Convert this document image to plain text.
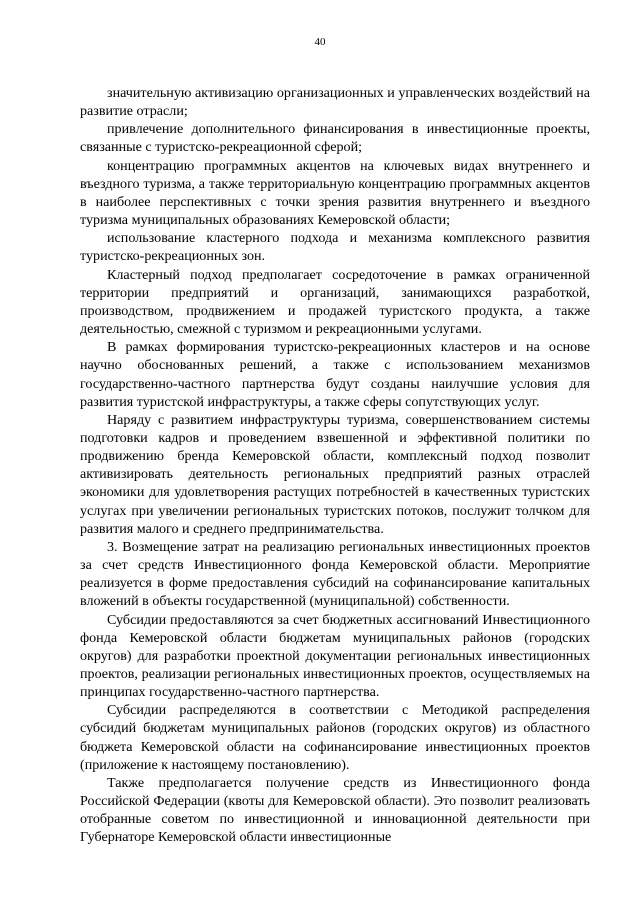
40

значительную активизацию организационных и управленческих воздействий на развитие отрасли;

привлечение дополнительного финансирования в инвестиционные проекты, связанные с туристско-рекреационной сферой;

концентрацию программных акцентов на ключевых видах внутреннего и въездного туризма, а также территориальную концентрацию программных акцентов в наиболее перспективных с точки зрения развития внутреннего и въездного туризма муниципальных образованиях Кемеровской области;

использование кластерного подхода и механизма комплексного развития туристско-рекреационных зон.

Кластерный подход предполагает сосредоточение в рамках ограниченной территории предприятий и организаций, занимающихся разработкой, производством, продвижением и продажей туристского продукта, а также деятельностью, смежной с туризмом и рекреационными услугами.

В рамках формирования туристско-рекреационных кластеров и на основе научно обоснованных решений, а также с использованием механизмов государственно-частного партнерства будут созданы наилучшие условия для развития туристской инфраструктуры, а также сферы сопутствующих услуг.

Наряду с развитием инфраструктуры туризма, совершенствованием системы подготовки кадров и проведением взвешенной и эффективной политики по продвижению бренда Кемеровской области, комплексный подход позволит активизировать деятельность региональных предприятий разных отраслей экономики для удовлетворения растущих потребностей в качественных туристских услугах при увеличении региональных туристских потоков, послужит толчком для развития малого и среднего предпринимательства.

3. Возмещение затрат на реализацию региональных инвестиционных проектов за счет средств Инвестиционного фонда Кемеровской области. Мероприятие реализуется в форме предоставления субсидий на софинансирование капитальных вложений в объекты государственной (муниципальной) собственности.

Субсидии предоставляются за счет бюджетных ассигнований Инвестиционного фонда Кемеровской области бюджетам муниципальных районов (городских округов) для разработки проектной документации региональных инвестиционных проектов, реализации региональных инвестиционных проектов, осуществляемых на принципах государственно-частного партнерства.

Субсидии распределяются в соответствии с Методикой распределения субсидий бюджетам муниципальных районов (городских округов) из областного бюджета Кемеровской области на софинансирование инвестиционных проектов (приложение к настоящему постановлению).

Также предполагается получение средств из Инвестиционного фонда Российской Федерации (квоты для Кемеровской области). Это позволит реализовать отобранные советом по инвестиционной и инновационной деятельности при Губернаторе Кемеровской области инвестиционные
